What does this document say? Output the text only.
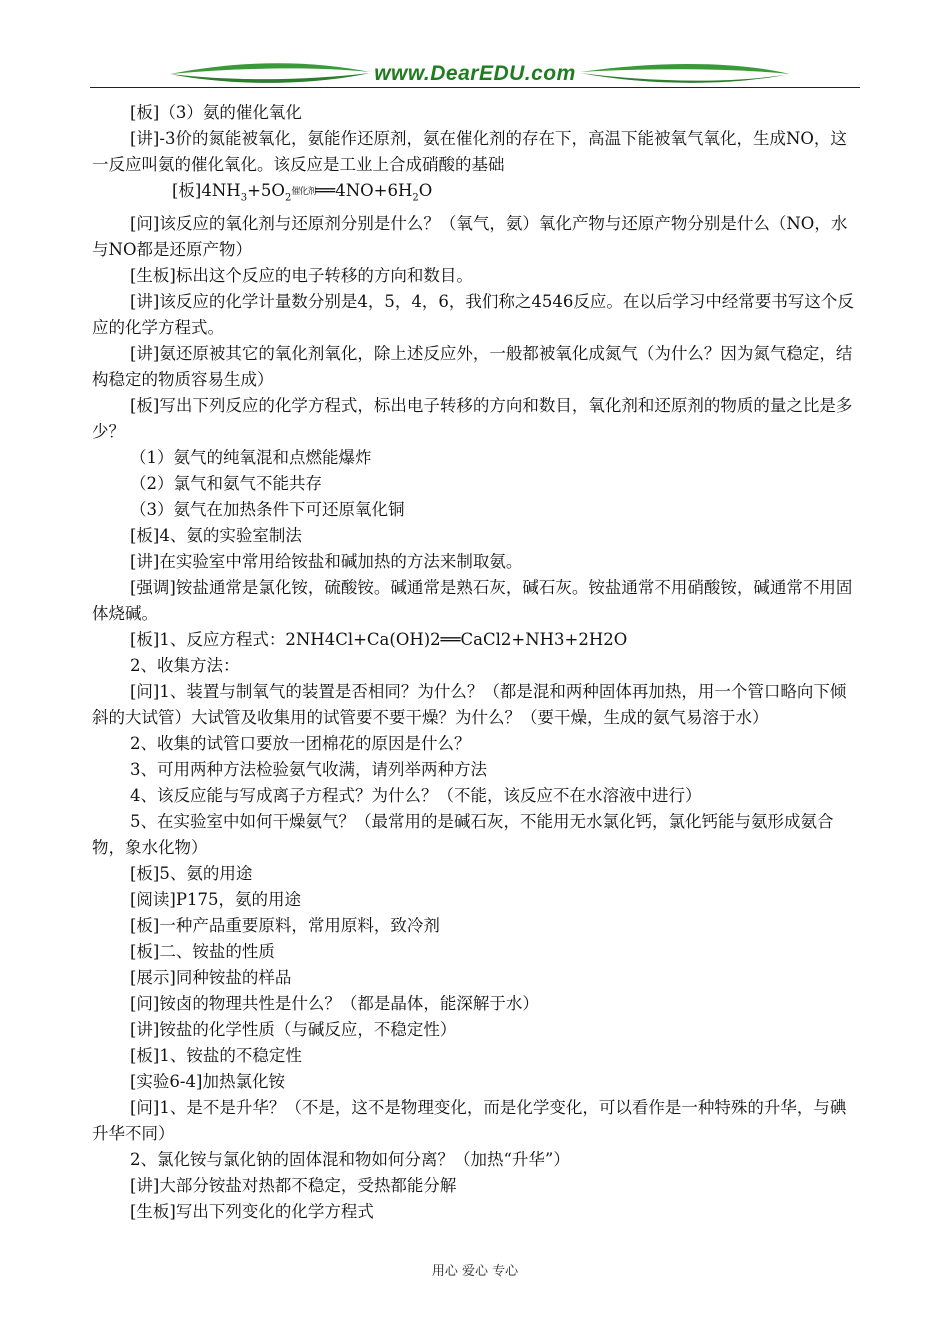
www.DearEDU.com

[板]（3）氨的催化氧化

[讲]-3价的氮能被氧化，氨能作还原剂，氨在催化剂的存在下，高温下能被氧气氧化，生成NO，这一反应叫氨的催化氧化。该反应是工业上合成硝酸的基础

[板]$4NH_3+5O_2$催化剂$══4NO+6H_2O$

[问]该反应的氧化剂与还原剂分别是什么？（氧气，氨）氧化产物与还原产物分别是什么（NO，水与NO都是还原产物）

[生板]标出这个反应的电子转移的方向和数目。

[讲]该反应的化学计量数分别是4，5，4，6，我们称之4546反应。在以后学习中经常要书写这个反应的化学方程式。

[讲]氨还原被其它的氧化剂氧化，除上述反应外，一般都被氧化成氮气（为什么？因为氮气稳定，结构稳定的物质容易生成）

[板]写出下列反应的化学方程式，标出电子转移的方向和数目，氧化剂和还原剂的物质的量之比是多少？

（1）氨气的纯氧混和点燃能爆炸

（2）氯气和氨气不能共存

（3）氨气在加热条件下可还原氧化铜

[板]4、氨的实验室制法

[讲]在实验室中常用给铵盐和碱加热的方法来制取氨。

[强调]铵盐通常是氯化铵，硫酸铵。碱通常是熟石灰，碱石灰。铵盐通常不用硝酸铵，碱通常不用固体烧碱。

[板]1、反应方程式：2NH4Cl+Ca(OH)2══CaCl2+NH3+2H2O

2、收集方法：

[问]1、装置与制氧气的装置是否相同？为什么？（都是混和两种固体再加热，用一个管口略向下倾斜的大试管）大试管及收集用的试管要不要干燥？为什么？（要干燥，生成的氨气易溶于水）

2、收集的试管口要放一团棉花的原因是什么？

3、可用两种方法检验氨气收满，请列举两种方法

4、该反应能与写成离子方程式？为什么？（不能，该反应不在水溶液中进行）

5、在实验室中如何干燥氨气？（最常用的是碱石灰，不能用无水氯化钙，氯化钙能与氨形成氨合物，象水化物）

[板]5、氨的用途

[阅读]P175，氨的用途

[板]一种产品重要原料，常用原料，致冷剂

[板]二、铵盐的性质

[展示]同种铵盐的样品

[问]铵卤的物理共性是什么？（都是晶体，能深解于水）

[讲]铵盐的化学性质（与碱反应，不稳定性）

[板]1、铵盐的不稳定性

[实验6-4]加热氯化铵

[问]1、是不是升华？（不是，这不是物理变化，而是化学变化，可以看作是一种特殊的升华，与碘升华不同）

2、氯化铵与氯化钠的固体混和物如何分离？（加热“升华”）

[讲]大部分铵盐对热都不稳定，受热都能分解

[生板]写出下列变化的化学方程式

用心 爱心 专心
